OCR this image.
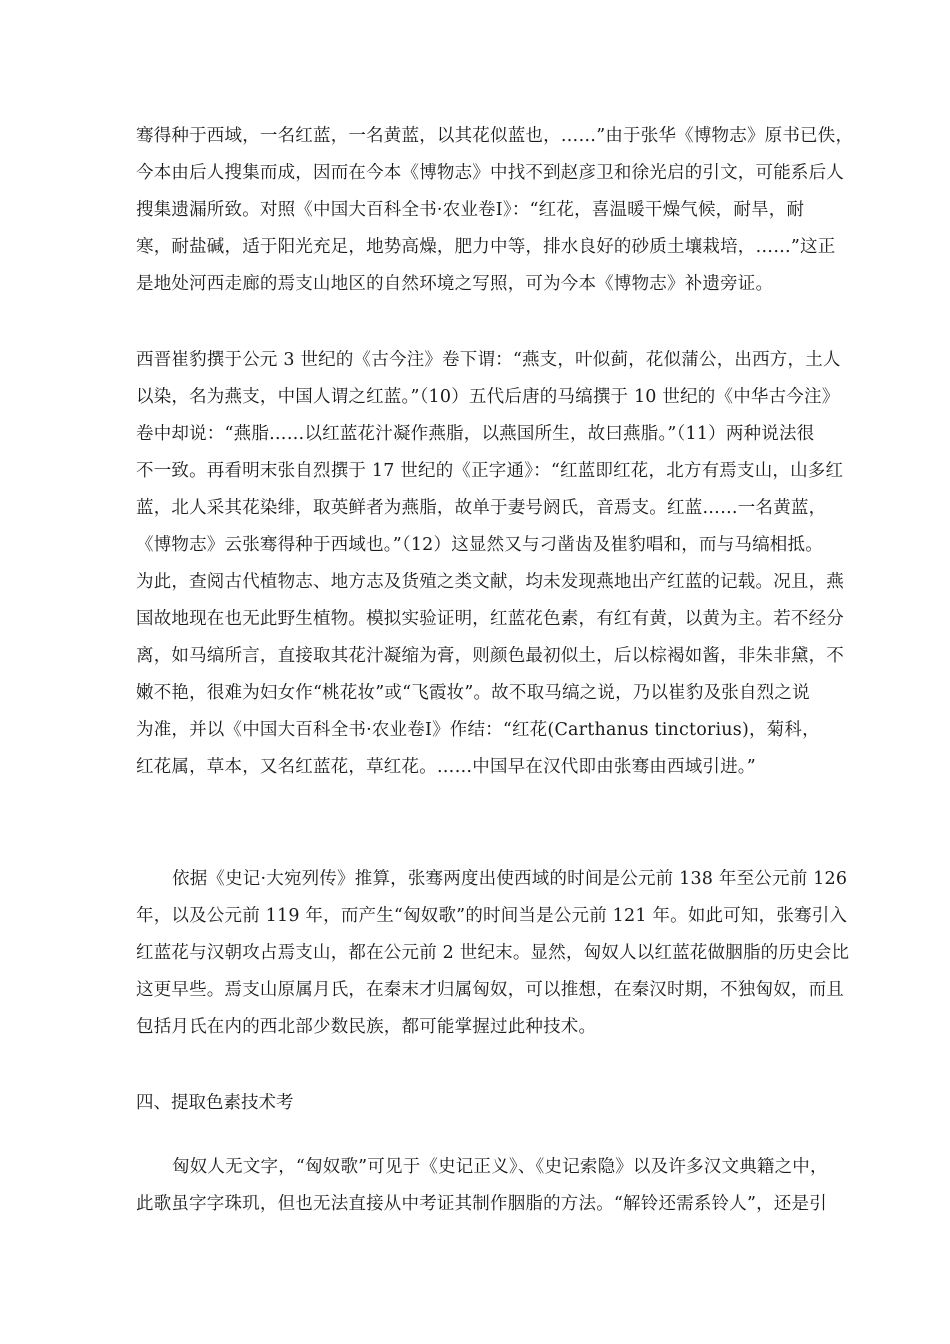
骞得种于西域，一名红蓝，一名黄蓝，以其花似蓝也，……”由于张华《博物志》原书已佚，
今本由后人搜集而成，因而在今本《博物志》中找不到赵彦卫和徐光启的引文，可能系后人
搜集遗漏所致。对照《中国大百科全书·农业卷Ⅰ》：“红花，喜温暖干燥气候，耐旱，耐
寒，耐盐碱，适于阳光充足，地势高燥，肥力中等，排水良好的砂质土壤栽培，……”这正
是地处河西走廊的焉支山地区的自然环境之写照，可为今本《博物志》补遗旁证。
西晋崔豹撰于公元 3 世纪的《古今注》卷下谓：“燕支，叶似蓟，花似蒲公，出西方，土人
以染，名为燕支，中国人谓之红蓝。”（10）五代后唐的马缟撰于 10 世纪的《中华古今注》
卷中却说：“燕脂……以红蓝花汁凝作燕脂，以燕国所生，故曰燕脂。”（11）两种说法很
不一致。再看明末张自烈撰于 17 世纪的《正字通》：“红蓝即红花，北方有焉支山，山多红
蓝，北人采其花染绯，取英鲜者为燕脂，故单于妻号阏氏，音焉支。红蓝……一名黄蓝，
《博物志》云张骞得种于西域也。”（12）这显然又与刁凿齿及崔豹唱和，而与马缟相抵。
为此，查阅古代植物志、地方志及货殖之类文献，均未发现燕地出产红蓝的记载。况且，燕
国故地现在也无此野生植物。模拟实验证明，红蓝花色素，有红有黄，以黄为主。若不经分
离，如马缟所言，直接取其花汁凝缩为膏，则颜色最初似土，后以棕褐如酱，非朱非黛，不
嫩不艳，很难为妇女作“桃花妆”或“飞霞妆”。故不取马缟之说，乃以崔豹及张自烈之说
为准，并以《中国大百科全书·农业卷Ⅰ》作结：“红花(Carthanus tinctorius)，菊科，
红花属，草本，又名红蓝花，草红花。……中国早在汉代即由张骞由西域引进。”
依据《史记·大宛列传》推算，张骞两度出使西域的时间是公元前 138 年至公元前 126
年，以及公元前 119 年，而产生“匈奴歌”的时间当是公元前 121 年。如此可知，张骞引入
红蓝花与汉朝攻占焉支山，都在公元前 2 世纪末。显然，匈奴人以红蓝花做胭脂的历史会比
这更早些。焉支山原属月氏，在秦末才归属匈奴，可以推想，在秦汉时期，不独匈奴，而且
包括月氏在内的西北部少数民族，都可能掌握过此种技术。
四、提取色素技术考
匈奴人无文字，“匈奴歌”可见于《史记正义》、《史记索隐》以及许多汉文典籍之中，
此歌虽字字珠玑，但也无法直接从中考证其制作胭脂的方法。“解铃还需系铃人”，还是引
